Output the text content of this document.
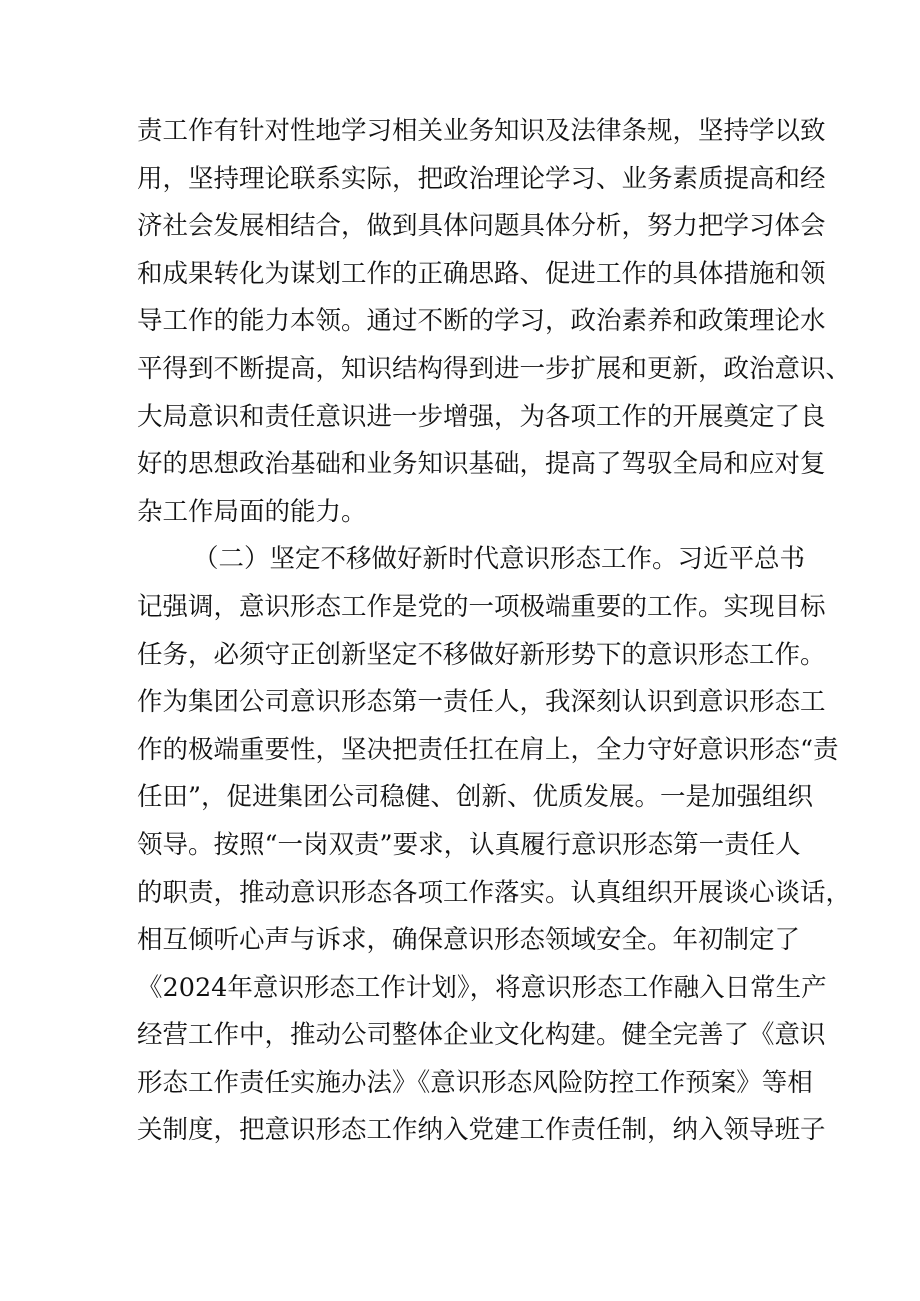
责工作有针对性地学习相关业务知识及法律条规，坚持学以致
用，坚持理论联系实际，把政治理论学习、业务素质提高和经
济社会发展相结合，做到具体问题具体分析，努力把学习体会
和成果转化为谋划工作的正确思路、促进工作的具体措施和领
导工作的能力本领。通过不断的学习，政治素养和政策理论水
平得到不断提高，知识结构得到进一步扩展和更新，政治意识、
大局意识和责任意识进一步增强，为各项工作的开展奠定了良
好的思想政治基础和业务知识基础，提高了驾驭全局和应对复
杂工作局面的能力。
（二）坚定不移做好新时代意识形态工作。习近平总书
记强调，意识形态工作是党的一项极端重要的工作。实现目标
任务，必须守正创新坚定不移做好新形势下的意识形态工作。
作为集团公司意识形态第一责任人，我深刻认识到意识形态工
作的极端重要性，坚决把责任扛在肩上，全力守好意识形态“责
任田”，促进集团公司稳健、创新、优质发展。一是加强组织
领导。按照“一岗双责”要求，认真履行意识形态第一责任人
的职责，推动意识形态各项工作落实。认真组织开展谈心谈话，
相互倾听心声与诉求，确保意识形态领域安全。年初制定了
《2024年意识形态工作计划》，将意识形态工作融入日常生产
经营工作中，推动公司整体企业文化构建。健全完善了《意识
形态工作责任实施办法》《意识形态风险防控工作预案》等相
关制度，把意识形态工作纳入党建工作责任制，纳入领导班子
